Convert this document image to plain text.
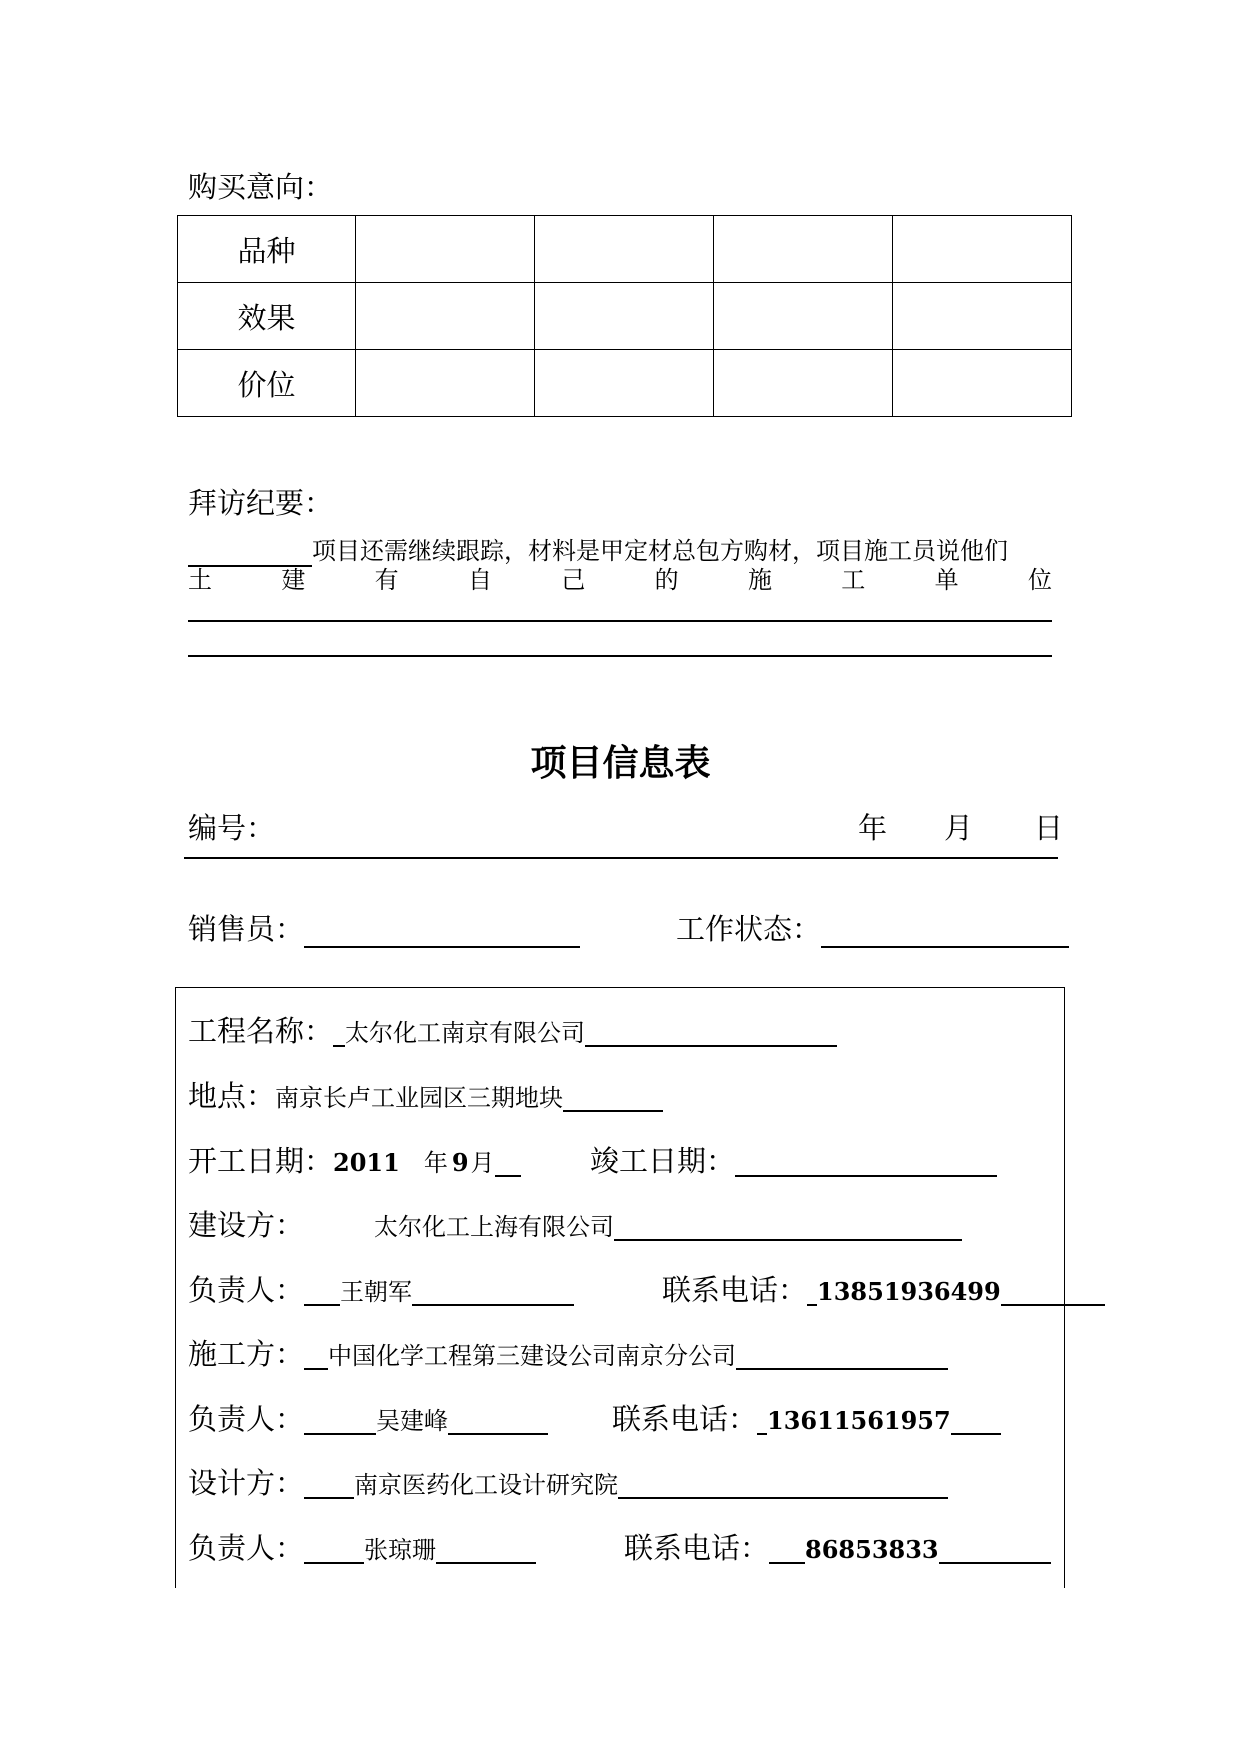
购买意向：
品种				
效果				
价位				
拜访纪要：
项目还需继续跟踪，材料是甲定材总包方购材，项目施工员说他们
土	建	有	自	己	的	施	工	单	位
项目信息表
编号：	年 月 日
销售员：	工作状态：
工程名称： 太尔化工南京有限公司
地点：南京长卢工业园区三期地块
开工日期：2011 年 9月	竣工日期：
建设方：	太尔化工上海有限公司
负责人： 王朝军	联系电话： 13851936499
施工方： 中国化学工程第三建设公司南京分公司
负责人：	吴建峰	联系电话： 13611561957
设计方： 南京医药化工设计研究院
负责人：	张琼珊	联系电话： 86853833
